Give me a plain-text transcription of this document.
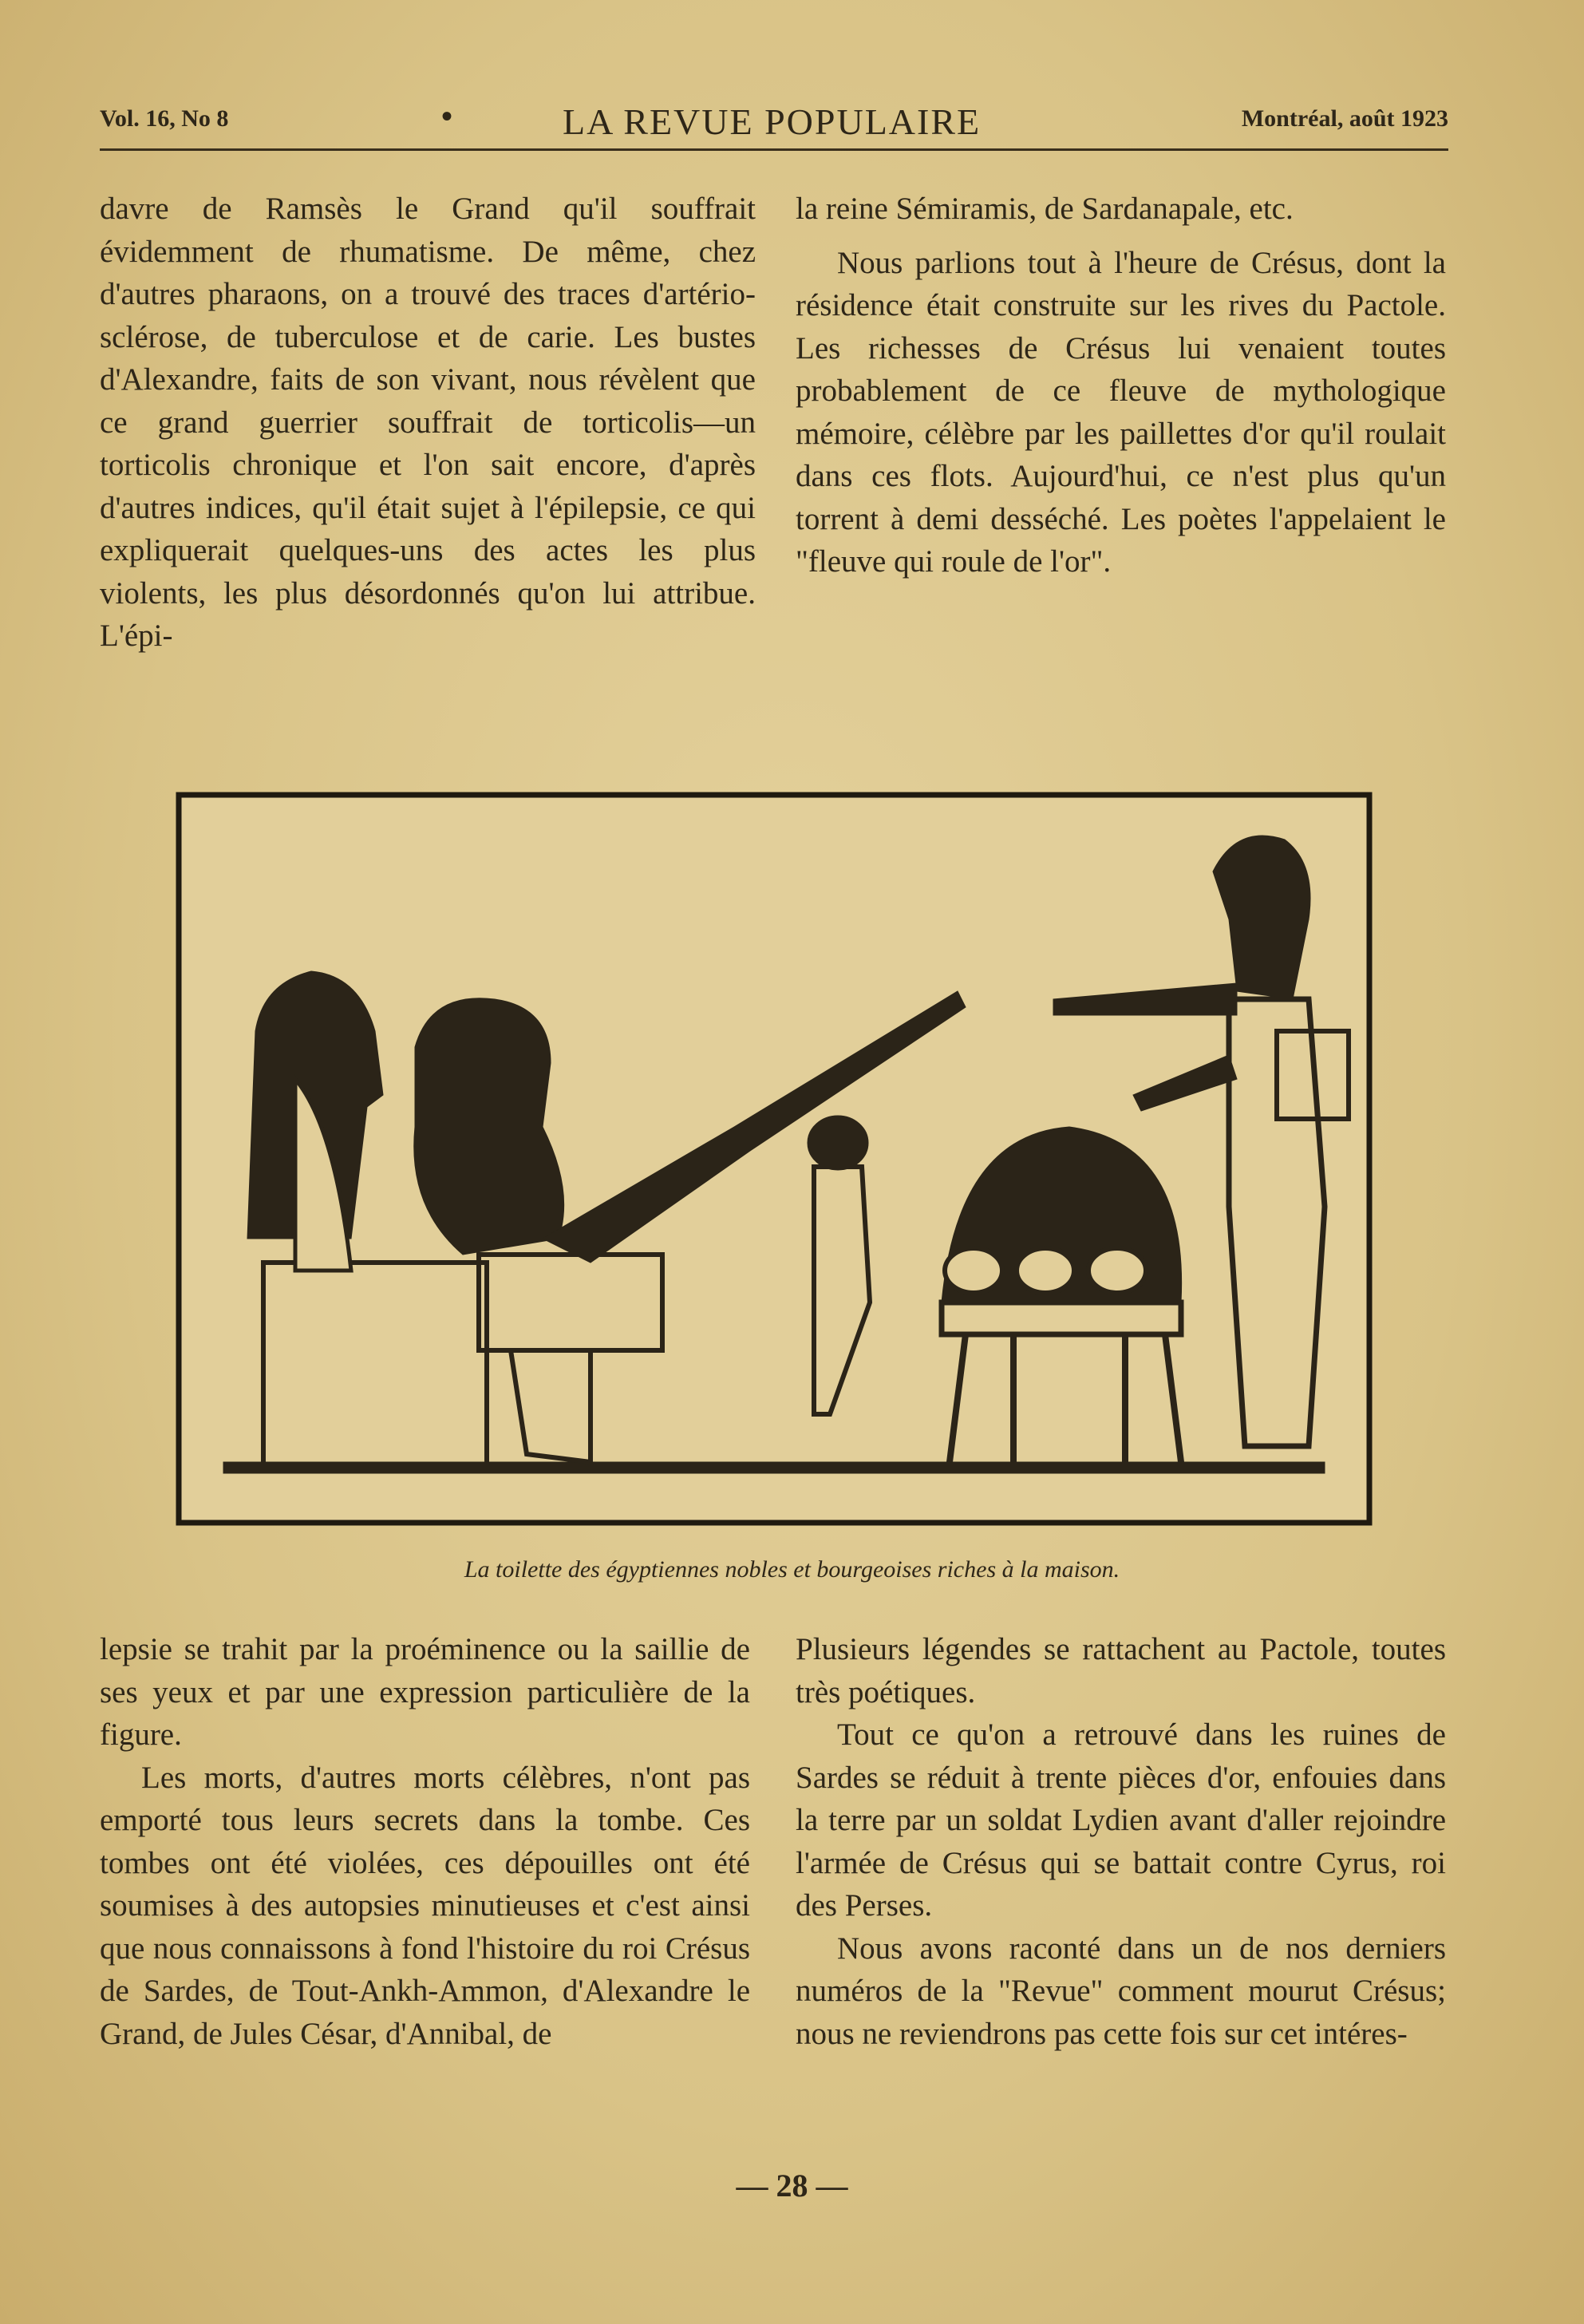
Vol. 16, No 8	•	LA REVUE POPULAIRE	Montréal, août 1923

davre de Ramsès le Grand qu'il souffrait évidemment de rhumatisme. De même, chez d'autres pharaons, on a trouvé des traces d'artério-sclérose, de tuberculose et de carie. Les bustes d'Alexandre, faits de son vivant, nous révèlent que ce grand guerrier souffrait de torticolis—un torticolis chronique et l'on sait encore, d'après d'autres indices, qu'il était sujet à l'épilepsie, ce qui expliquerait quelques-uns des actes les plus violents, les plus désordonnés qu'on lui attribue. L'épi-

la reine Sémiramis, de Sardanapale, etc.

Nous parlions tout à l'heure de Crésus, dont la résidence était construite sur les rives du Pactole. Les richesses de Crésus lui venaient toutes probablement de ce fleuve de mythologique mémoire, célèbre par les paillettes d'or qu'il roulait dans ces flots. Aujourd'hui, ce n'est plus qu'un torrent à demi desséché. Les poètes l'appelaient le "fleuve qui roule de l'or".

La toilette des égyptiennes nobles et bourgeoises riches à la maison.

lepsie se trahit par la proéminence ou la saillie de ses yeux et par une expression particulière de la figure.

Les morts, d'autres morts célèbres, n'ont pas emporté tous leurs secrets dans la tombe. Ces tombes ont été violées, ces dépouilles ont été soumises à des autopsies minutieuses et c'est ainsi que nous connaissons à fond l'histoire du roi Crésus de Sardes, de Tout-Ankh-Ammon, d'Alexandre le Grand, de Jules César, d'Annibal, de

Plusieurs légendes se rattachent au Pactole, toutes très poétiques.

Tout ce qu'on a retrouvé dans les ruines de Sardes se réduit à trente pièces d'or, enfouies dans la terre par un soldat Lydien avant d'aller rejoindre l'armée de Crésus qui se battait contre Cyrus, roi des Perses.

Nous avons raconté dans un de nos derniers numéros de la "Revue" comment mourut Crésus; nous ne reviendrons pas cette fois sur cet intéres-

— 28 —
